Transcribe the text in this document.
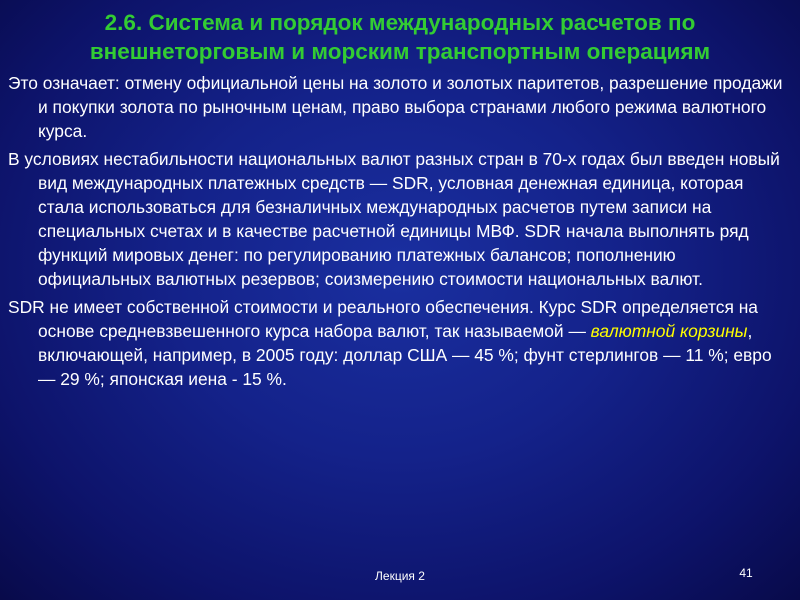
2.6. Система и порядок международных расчетов по
внешнеторговым и морским транспортным операциям

Это означает: отмену официальной цены на золото и золотых паритетов, разрешение продажи и покупки золота по рыночным ценам, право выбора странами любого режима валютного курса.

В условиях нестабильности национальных валют разных стран в 70-х годах был введен новый вид международных платежных средств — SDR, условная денежная единица, которая стала использоваться для безналичных международных расчетов путем записи на специальных счетах и в качестве расчетной единицы МВФ. SDR начала выполнять ряд функций мировых денег: по регулированию платежных балансов; пополнению официальных валютных резервов; соизмерению стоимости национальных валют.

SDR не имеет собственной стоимости и реального обеспечения. Курс SDR определяется на основе средневзвешенного курса набора валют, так называемой — валютной корзины, включающей, например, в 2005 году: доллар США — 45 %; фунт стерлингов — 11 %; евро — 29 %; японская иена - 15 %.

Лекция 2	41
